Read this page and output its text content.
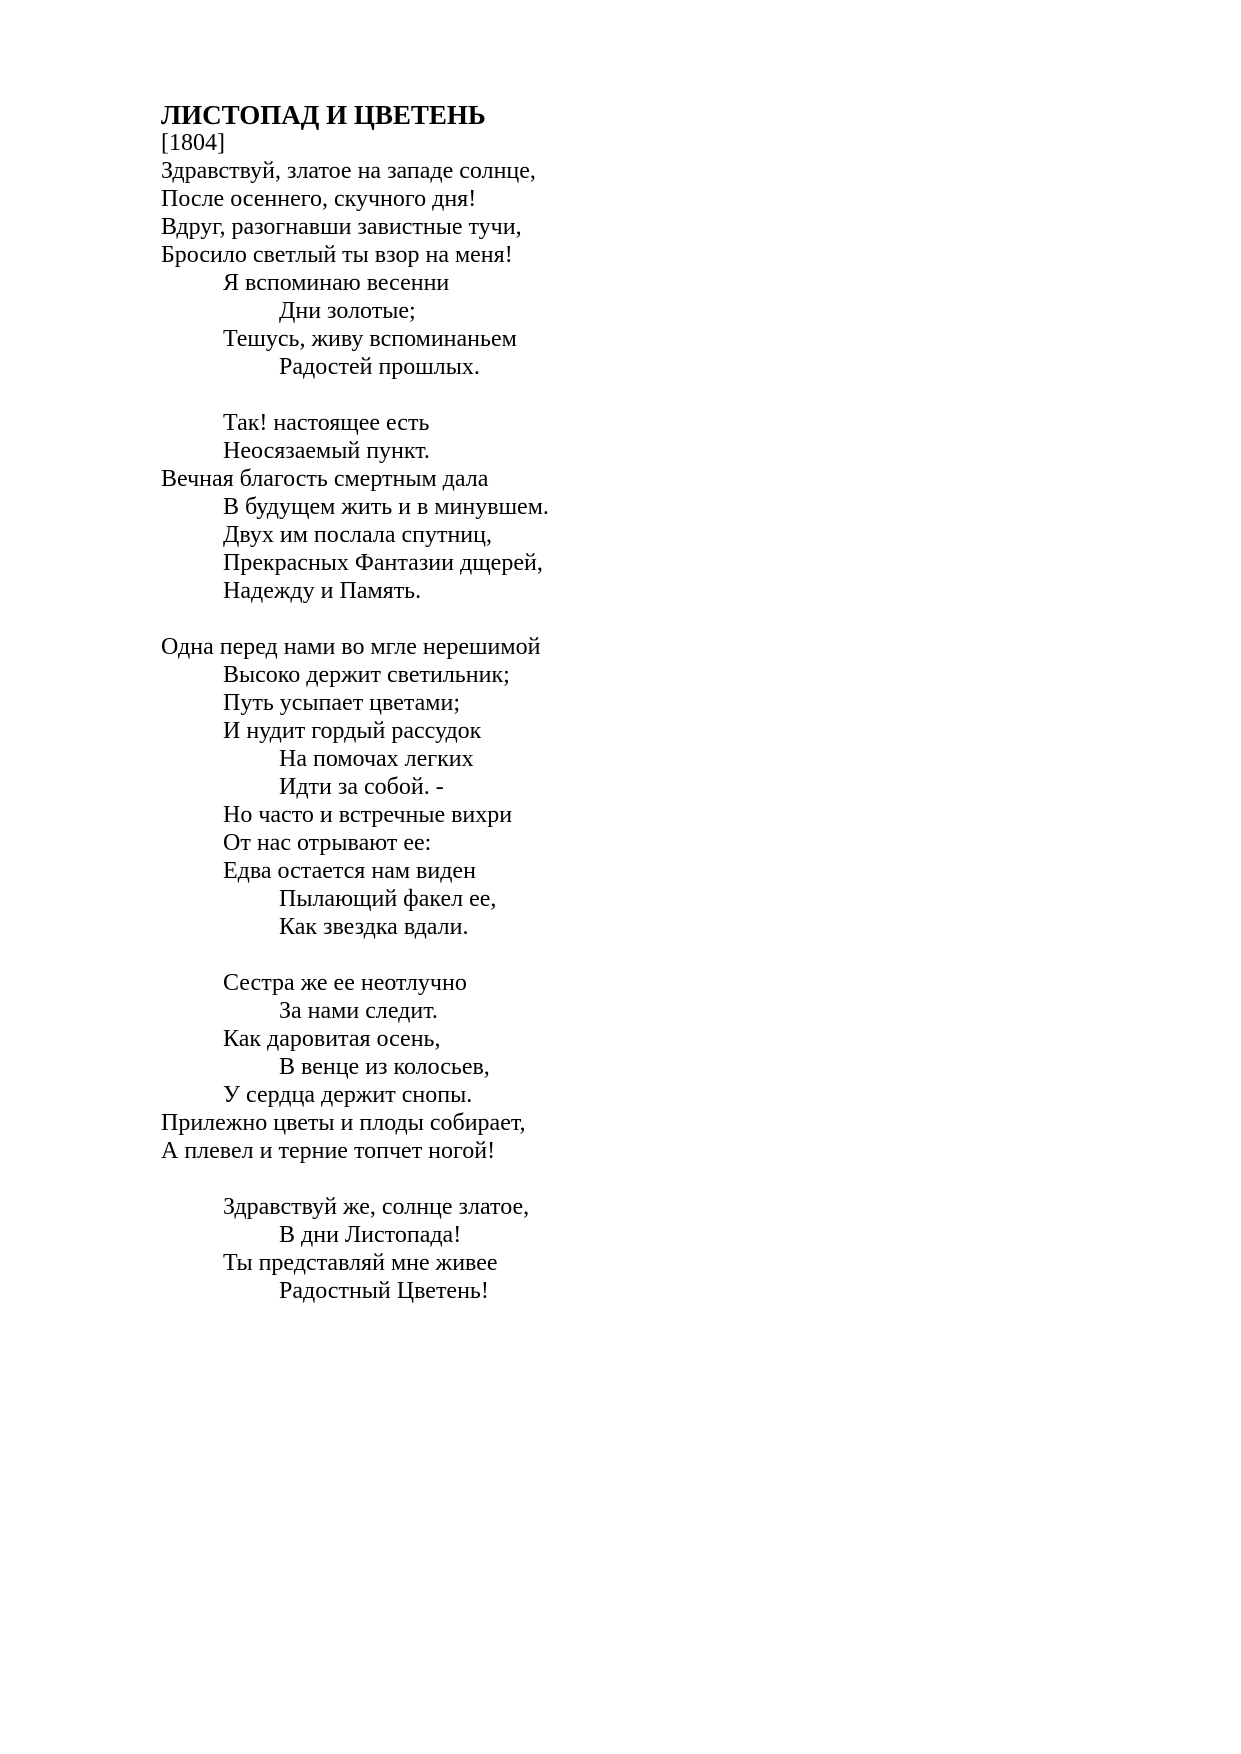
ЛИСТОПАД И ЦВЕТЕНЬ
[1804]
Здравствуй, златое на западе солнце,
После осеннего, скучного дня!
Вдруг, разогнавши завистные тучи,
Бросило светлый ты взор на меня!
Я вспоминаю весенни
Дни золотые;
Тешусь, живу вспоминаньем
Радостей прошлых.
Так! настоящее есть
Неосязаемый пункт.
Вечная благость смертным дала
В будущем жить и в минувшем.
Двух им послала спутниц,
Прекрасных Фантазии дщерей,
Надежду и Память.
Одна перед нами во мгле нерешимой
Высоко держит светильник;
Путь усыпает цветами;
И нудит гордый рассудок
На помочах легких
Идти за собой. -
Но часто и встречные вихри
От нас отрывают ее:
Едва остается нам виден
Пылающий факел ее,
Как звездка вдали.
Сестра же ее неотлучно
За нами следит.
Как даровитая осень,
В венце из колосьев,
У сердца держит снопы.
Прилежно цветы и плоды собирает,
А плевел и терние топчет ногой!
Здравствуй же, солнце златое,
В дни Листопада!
Ты представляй мне живее
Радостный Цветень!
